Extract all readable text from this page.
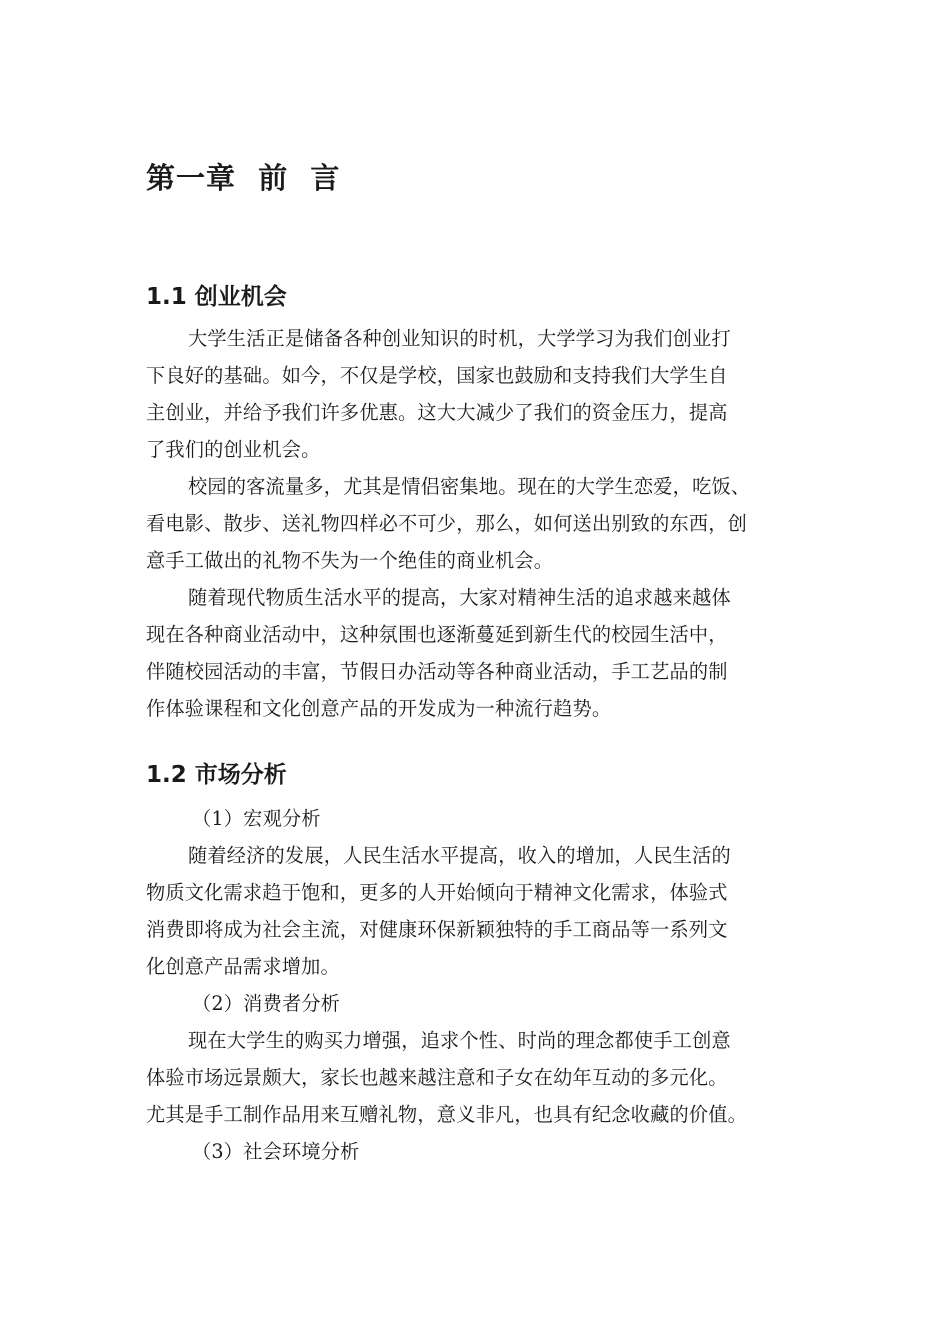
第一章  前  言
1.1 创业机会
大学生活正是储备各种创业知识的时机，大学学习为我们创业打
下良好的基础。如今，不仅是学校，国家也鼓励和支持我们大学生自
主创业，并给予我们许多优惠。这大大减少了我们的资金压力，提高
了我们的创业机会。
校园的客流量多，尤其是情侣密集地。现在的大学生恋爱，吃饭、
看电影、散步、送礼物四样必不可少，那么，如何送出别致的东西，创
意手工做出的礼物不失为一个绝佳的商业机会。
随着现代物质生活水平的提高，大家对精神生活的追求越来越体
现在各种商业活动中，这种氛围也逐渐蔓延到新生代的校园生活中，
伴随校园活动的丰富，节假日办活动等各种商业活动，手工艺品的制
作体验课程和文化创意产品的开发成为一种流行趋势。
1.2 市场分析
（1）宏观分析
随着经济的发展，人民生活水平提高，收入的增加，人民生活的
物质文化需求趋于饱和，更多的人开始倾向于精神文化需求，体验式
消费即将成为社会主流，对健康环保新颖独特的手工商品等一系列文
化创意产品需求增加。
（2）消费者分析
现在大学生的购买力增强，追求个性、时尚的理念都使手工创意
体验市场远景颇大，家长也越来越注意和子女在幼年互动的多元化。
尤其是手工制作品用来互赠礼物，意义非凡，也具有纪念收藏的价值。
（3）社会环境分析
